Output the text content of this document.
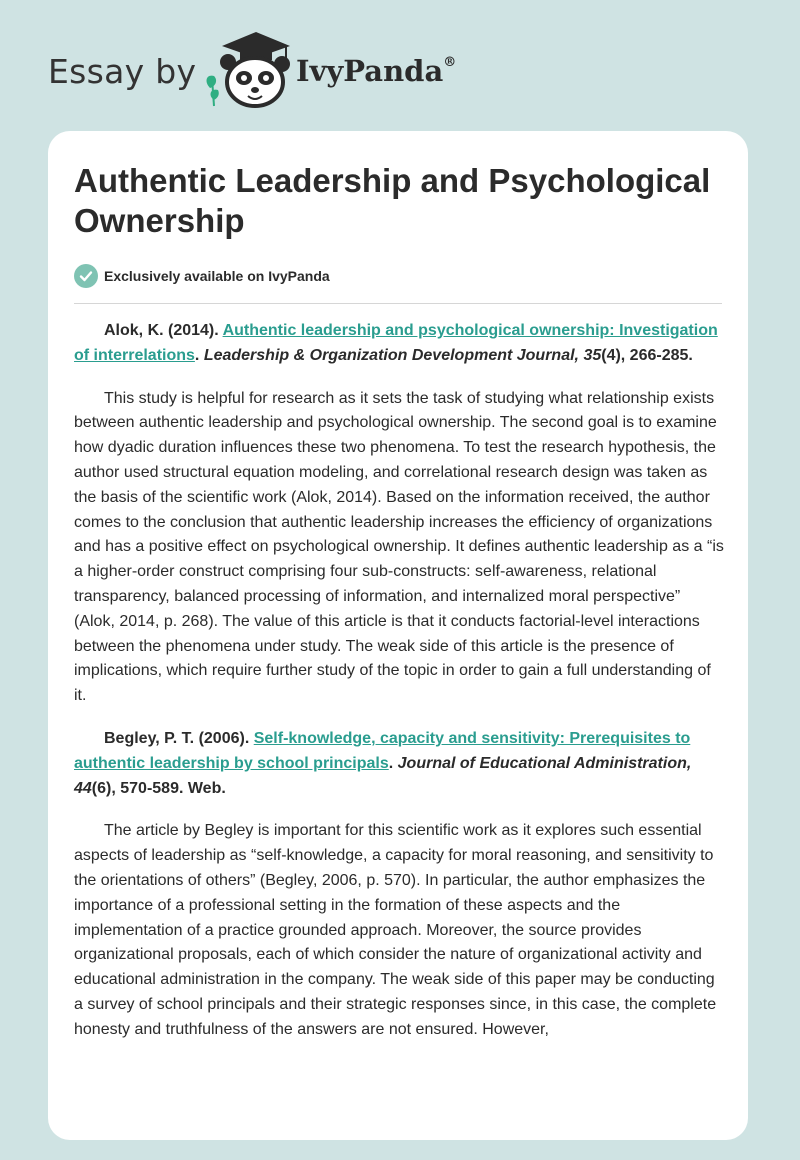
Essay by	IvyPanda®
Authentic Leadership and Psychological Ownership
Exclusively available on IvyPanda

Alok, K. (2014). Authentic leadership and psychological ownership: Investigation of interrelations. Leadership & Organization Development Journal, 35(4), 266-285.

This study is helpful for research as it sets the task of studying what relationship exists between authentic leadership and psychological ownership. The second goal is to examine how dyadic duration influences these two phenomena. To test the research hypothesis, the author used structural equation modeling, and correlational research design was taken as the basis of the scientific work (Alok, 2014). Based on the information received, the author comes to the conclusion that authentic leadership increases the efficiency of organizations and has a positive effect on psychological ownership. It defines authentic leadership as a “is a higher-order construct comprising four sub-constructs: self-awareness, relational transparency, balanced processing of information, and internalized moral perspective” (Alok, 2014, p. 268). The value of this article is that it conducts factorial-level interactions between the phenomena under study. The weak side of this article is the presence of implications, which require further study of the topic in order to gain a full understanding of it.

Begley, P. T. (2006). Self-knowledge, capacity and sensitivity: Prerequisites to authentic leadership by school principals. Journal of Educational Administration, 44(6), 570-589. Web.

The article by Begley is important for this scientific work as it explores such essential aspects of leadership as “self-knowledge, a capacity for moral reasoning, and sensitivity to the orientations of others” (Begley, 2006, p. 570). In particular, the author emphasizes the importance of a professional setting in the formation of these aspects and the implementation of a practice grounded approach. Moreover, the source provides organizational proposals, each of which consider the nature of organizational activity and educational administration in the company. The weak side of this paper may be conducting a survey of school principals and their strategic responses since, in this case, the complete honesty and truthfulness of the answers are not ensured. However,
